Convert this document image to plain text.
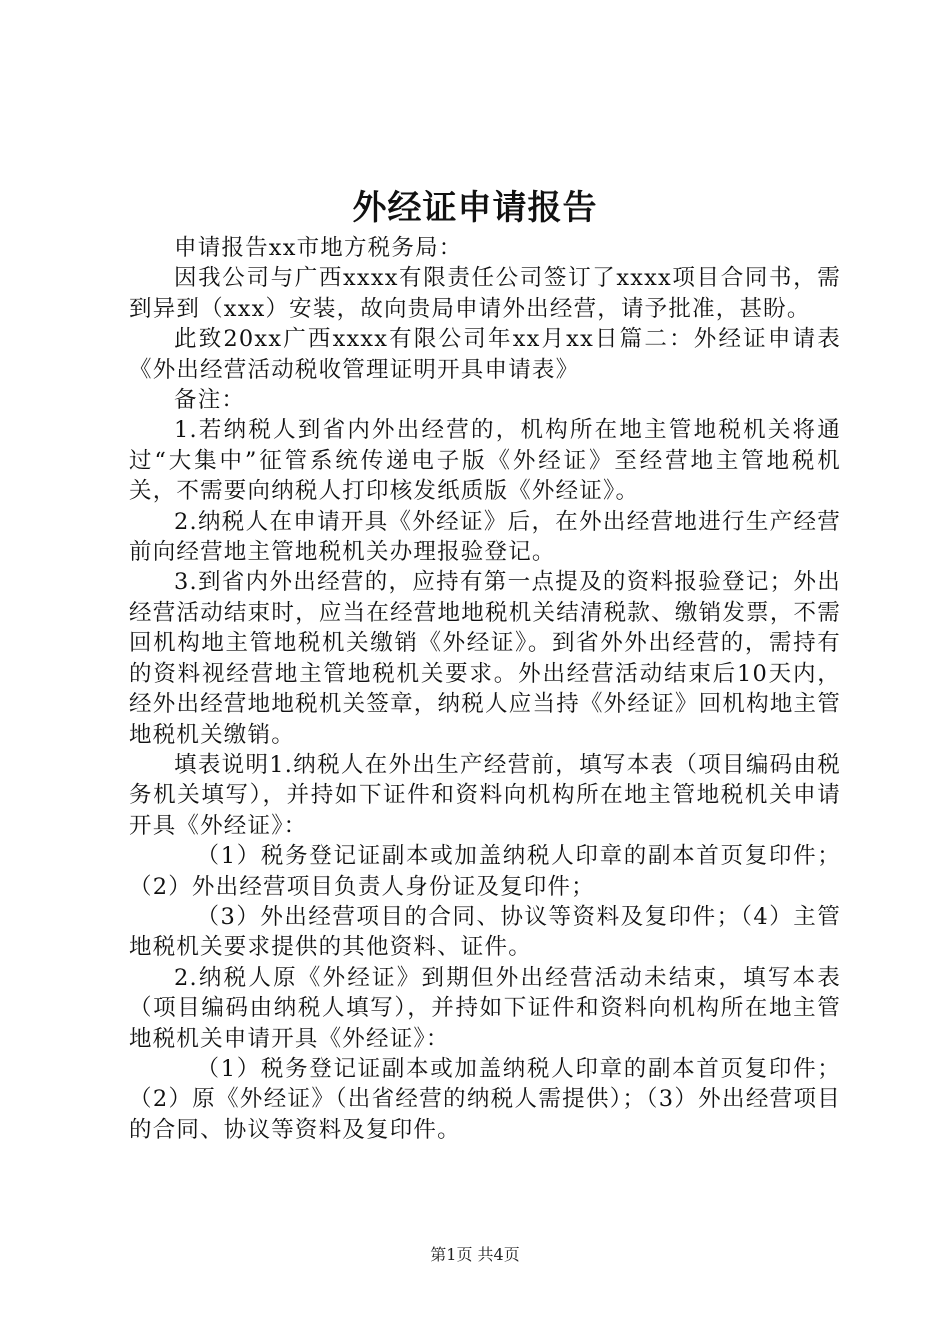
外经证申请报告

申请报告xx市地方税务局：

因我公司与广西xxxx有限责任公司签订了xxxx项目合同书，需到异到（xxx）安装，故向贵局申请外出经营，请予批准，甚盼。

此致20xx广西xxxx有限公司年xx月xx日篇二：外经证申请表《外出经营活动税收管理证明开具申请表》

备注：

1.若纳税人到省内外出经营的，机构所在地主管地税机关将通过“大集中”征管系统传递电子版《外经证》至经营地主管地税机关，不需要向纳税人打印核发纸质版《外经证》。

2.纳税人在申请开具《外经证》后，在外出经营地进行生产经营前向经营地主管地税机关办理报验登记。

3.到省内外出经营的，应持有第一点提及的资料报验登记；外出经营活动结束时，应当在经营地地税机关结清税款、缴销发票，不需回机构地主管地税机关缴销《外经证》。到省外外出经营的，需持有的资料视经营地主管地税机关要求。外出经营活动结束后10天内，经外出经营地地税机关签章，纳税人应当持《外经证》回机构地主管地税机关缴销。

填表说明1.纳税人在外出生产经营前，填写本表（项目编码由税务机关填写），并持如下证件和资料向机构所在地主管地税机关申请开具《外经证》：

（1）税务登记证副本或加盖纳税人印章的副本首页复印件；（2）外出经营项目负责人身份证及复印件；

（3）外出经营项目的合同、协议等资料及复印件；（4）主管地税机关要求提供的其他资料、证件。

2.纳税人原《外经证》到期但外出经营活动未结束，填写本表（项目编码由纳税人填写），并持如下证件和资料向机构所在地主管地税机关申请开具《外经证》：

（1）税务登记证副本或加盖纳税人印章的副本首页复印件；（2）原《外经证》（出省经营的纳税人需提供）；（3）外出经营项目的合同、协议等资料及复印件。

第1页 共4页
